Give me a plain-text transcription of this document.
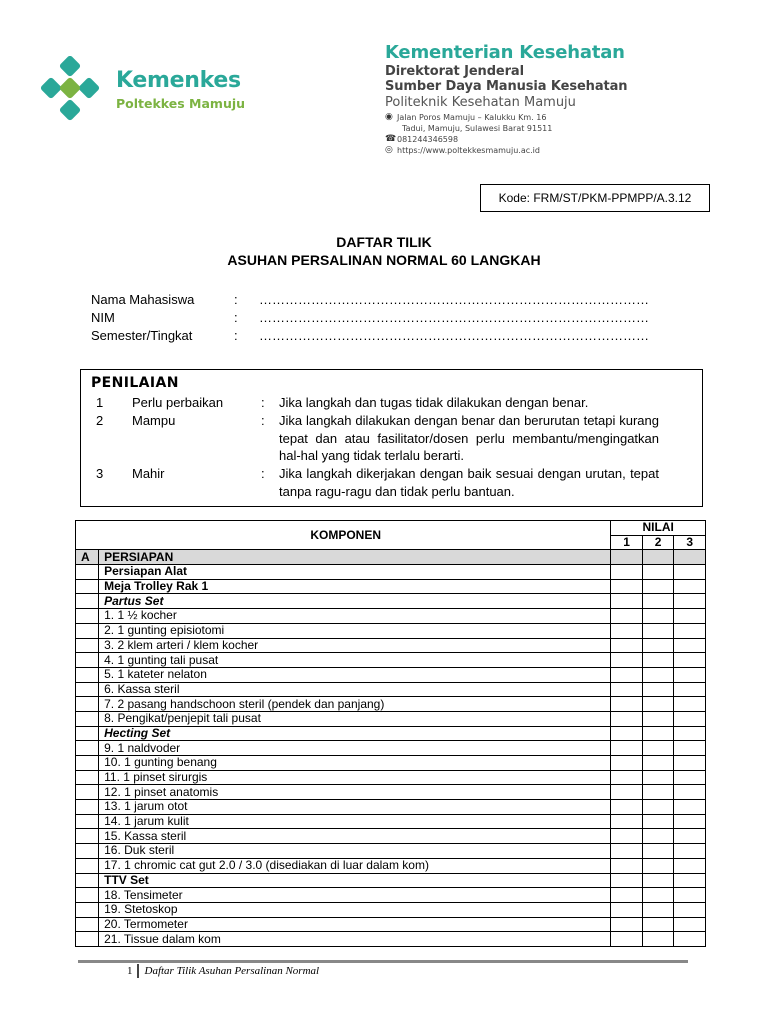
Kemenkes
Poltekkes Mamuju
Kementerian Kesehatan
Direktorat Jenderal
Sumber Daya Manusia Kesehatan
Politeknik Kesehatan Mamuju
◉ Jalan Poros Mamuju – Kalukku Km. 16
Tadui, Mamuju, Sulawesi Barat 91511
☎ 081244346598
◎ https://www.poltekkesmamuju.ac.id
Kode: FRM/ST/PKM-PPMPP/A.3.12
DAFTAR TILIK
ASUHAN PERSALINAN NORMAL 60 LANGKAH
Nama Mahasiswa	:	………………………………………………………………………………
NIM	:	………………………………………………………………………………
Semester/Tingkat	:	………………………………………………………………………………
PENILAIAN
1	Perlu perbaikan	:	Jika langkah dan tugas tidak dilakukan dengan benar.
2	Mampu	:	Jika langkah dilakukan dengan benar dan berurutan tetapi kurang tepat dan atau fasilitator/dosen perlu membantu/mengingatkan hal-hal yang tidak terlalu berarti.
3	Mahir	:	Jika langkah dikerjakan dengan baik sesuai dengan urutan, tepat tanpa ragu-ragu dan tidak perlu bantuan.
KOMPONEN		NILAI		
		1	2	3
A	PERSIAPAN			
	Persiapan Alat			
	Meja Trolley Rak 1			
	Partus Set			
	1. 1 ½ kocher			
	2. 1 gunting episiotomi			
	3. 2 klem arteri / klem kocher			
	4. 1 gunting tali pusat			
	5. 1 kateter nelaton			
	6. Kassa steril			
	7. 2 pasang handschoon steril (pendek dan panjang)			
	8. Pengikat/penjepit tali pusat			
	Hecting Set			
	9. 1 naldvoder			
	10. 1 gunting benang			
	11. 1 pinset sirurgis			
	12. 1 pinset anatomis			
	13. 1 jarum otot			
	14. 1 jarum kulit			
	15. Kassa steril			
	16. Duk steril			
	17. 1 chromic cat gut 2.0 / 3.0 (disediakan di luar dalam kom)			
	TTV Set			
	18. Tensimeter			
	19. Stetoskop			
	20. Termometer			
	21. Tissue dalam kom			
1	Daftar Tilik Asuhan Persalinan Normal
